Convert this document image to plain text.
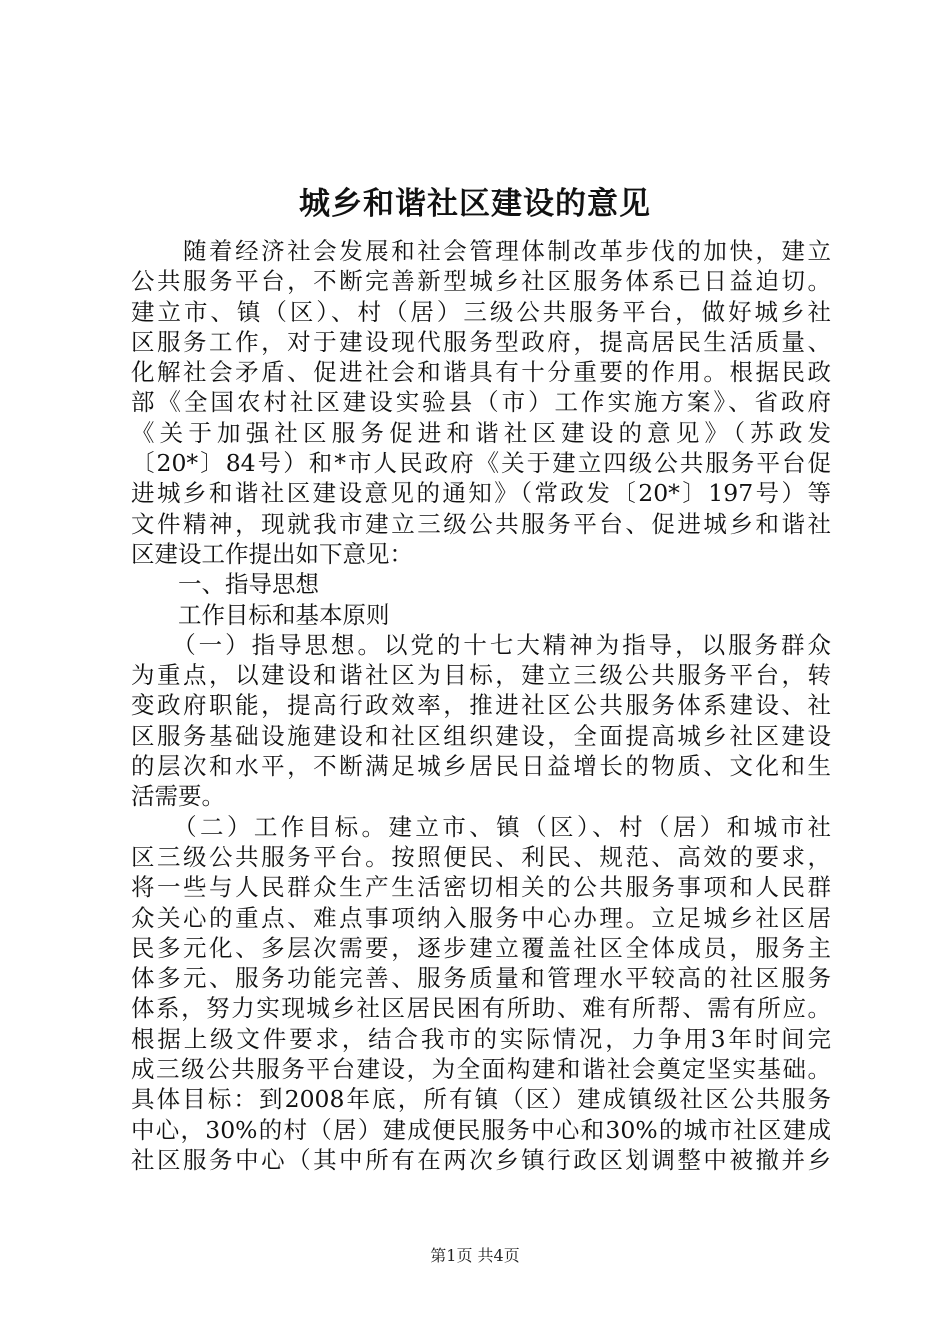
城乡和谐社区建设的意见
　　随着经济社会发展和社会管理体制改革步伐的加快，建立
公共服务平台，不断完善新型城乡社区服务体系已日益迫切。
建立市、镇（区）、村（居）三级公共服务平台，做好城乡社
区服务工作，对于建设现代服务型政府，提高居民生活质量、
化解社会矛盾、促进社会和谐具有十分重要的作用。根据民政
部《全国农村社区建设实验县（市）工作实施方案》、省政府
《关于加强社区服务促进和谐社区建设的意见》（苏政发
〔20*〕84号）和*市人民政府《关于建立四级公共服务平台促
进城乡和谐社区建设意见的通知》（常政发〔20*〕197号）等
文件精神，现就我市建立三级公共服务平台、促进城乡和谐社
区建设工作提出如下意见：
一、指导思想
工作目标和基本原则
　　（一）指导思想。以党的十七大精神为指导，以服务群众
为重点，以建设和谐社区为目标，建立三级公共服务平台，转
变政府职能，提高行政效率，推进社区公共服务体系建设、社
区服务基础设施建设和社区组织建设，全面提高城乡社区建设
的层次和水平，不断满足城乡居民日益增长的物质、文化和生
活需要。
　　（二）工作目标。建立市、镇（区）、村（居）和城市社
区三级公共服务平台。按照便民、利民、规范、高效的要求，
将一些与人民群众生产生活密切相关的公共服务事项和人民群
众关心的重点、难点事项纳入服务中心办理。立足城乡社区居
民多元化、多层次需要，逐步建立覆盖社区全体成员，服务主
体多元、服务功能完善、服务质量和管理水平较高的社区服务
体系，努力实现城乡社区居民困有所助、难有所帮、需有所应。
根据上级文件要求，结合我市的实际情况，力争用3年时间完
成三级公共服务平台建设，为全面构建和谐社会奠定坚实基础。
具体目标：到2008年底，所有镇（区）建成镇级社区公共服务
中心，30%的村（居）建成便民服务中心和30%的城市社区建成
社区服务中心（其中所有在两次乡镇行政区划调整中被撤并乡
第1页 共4页
